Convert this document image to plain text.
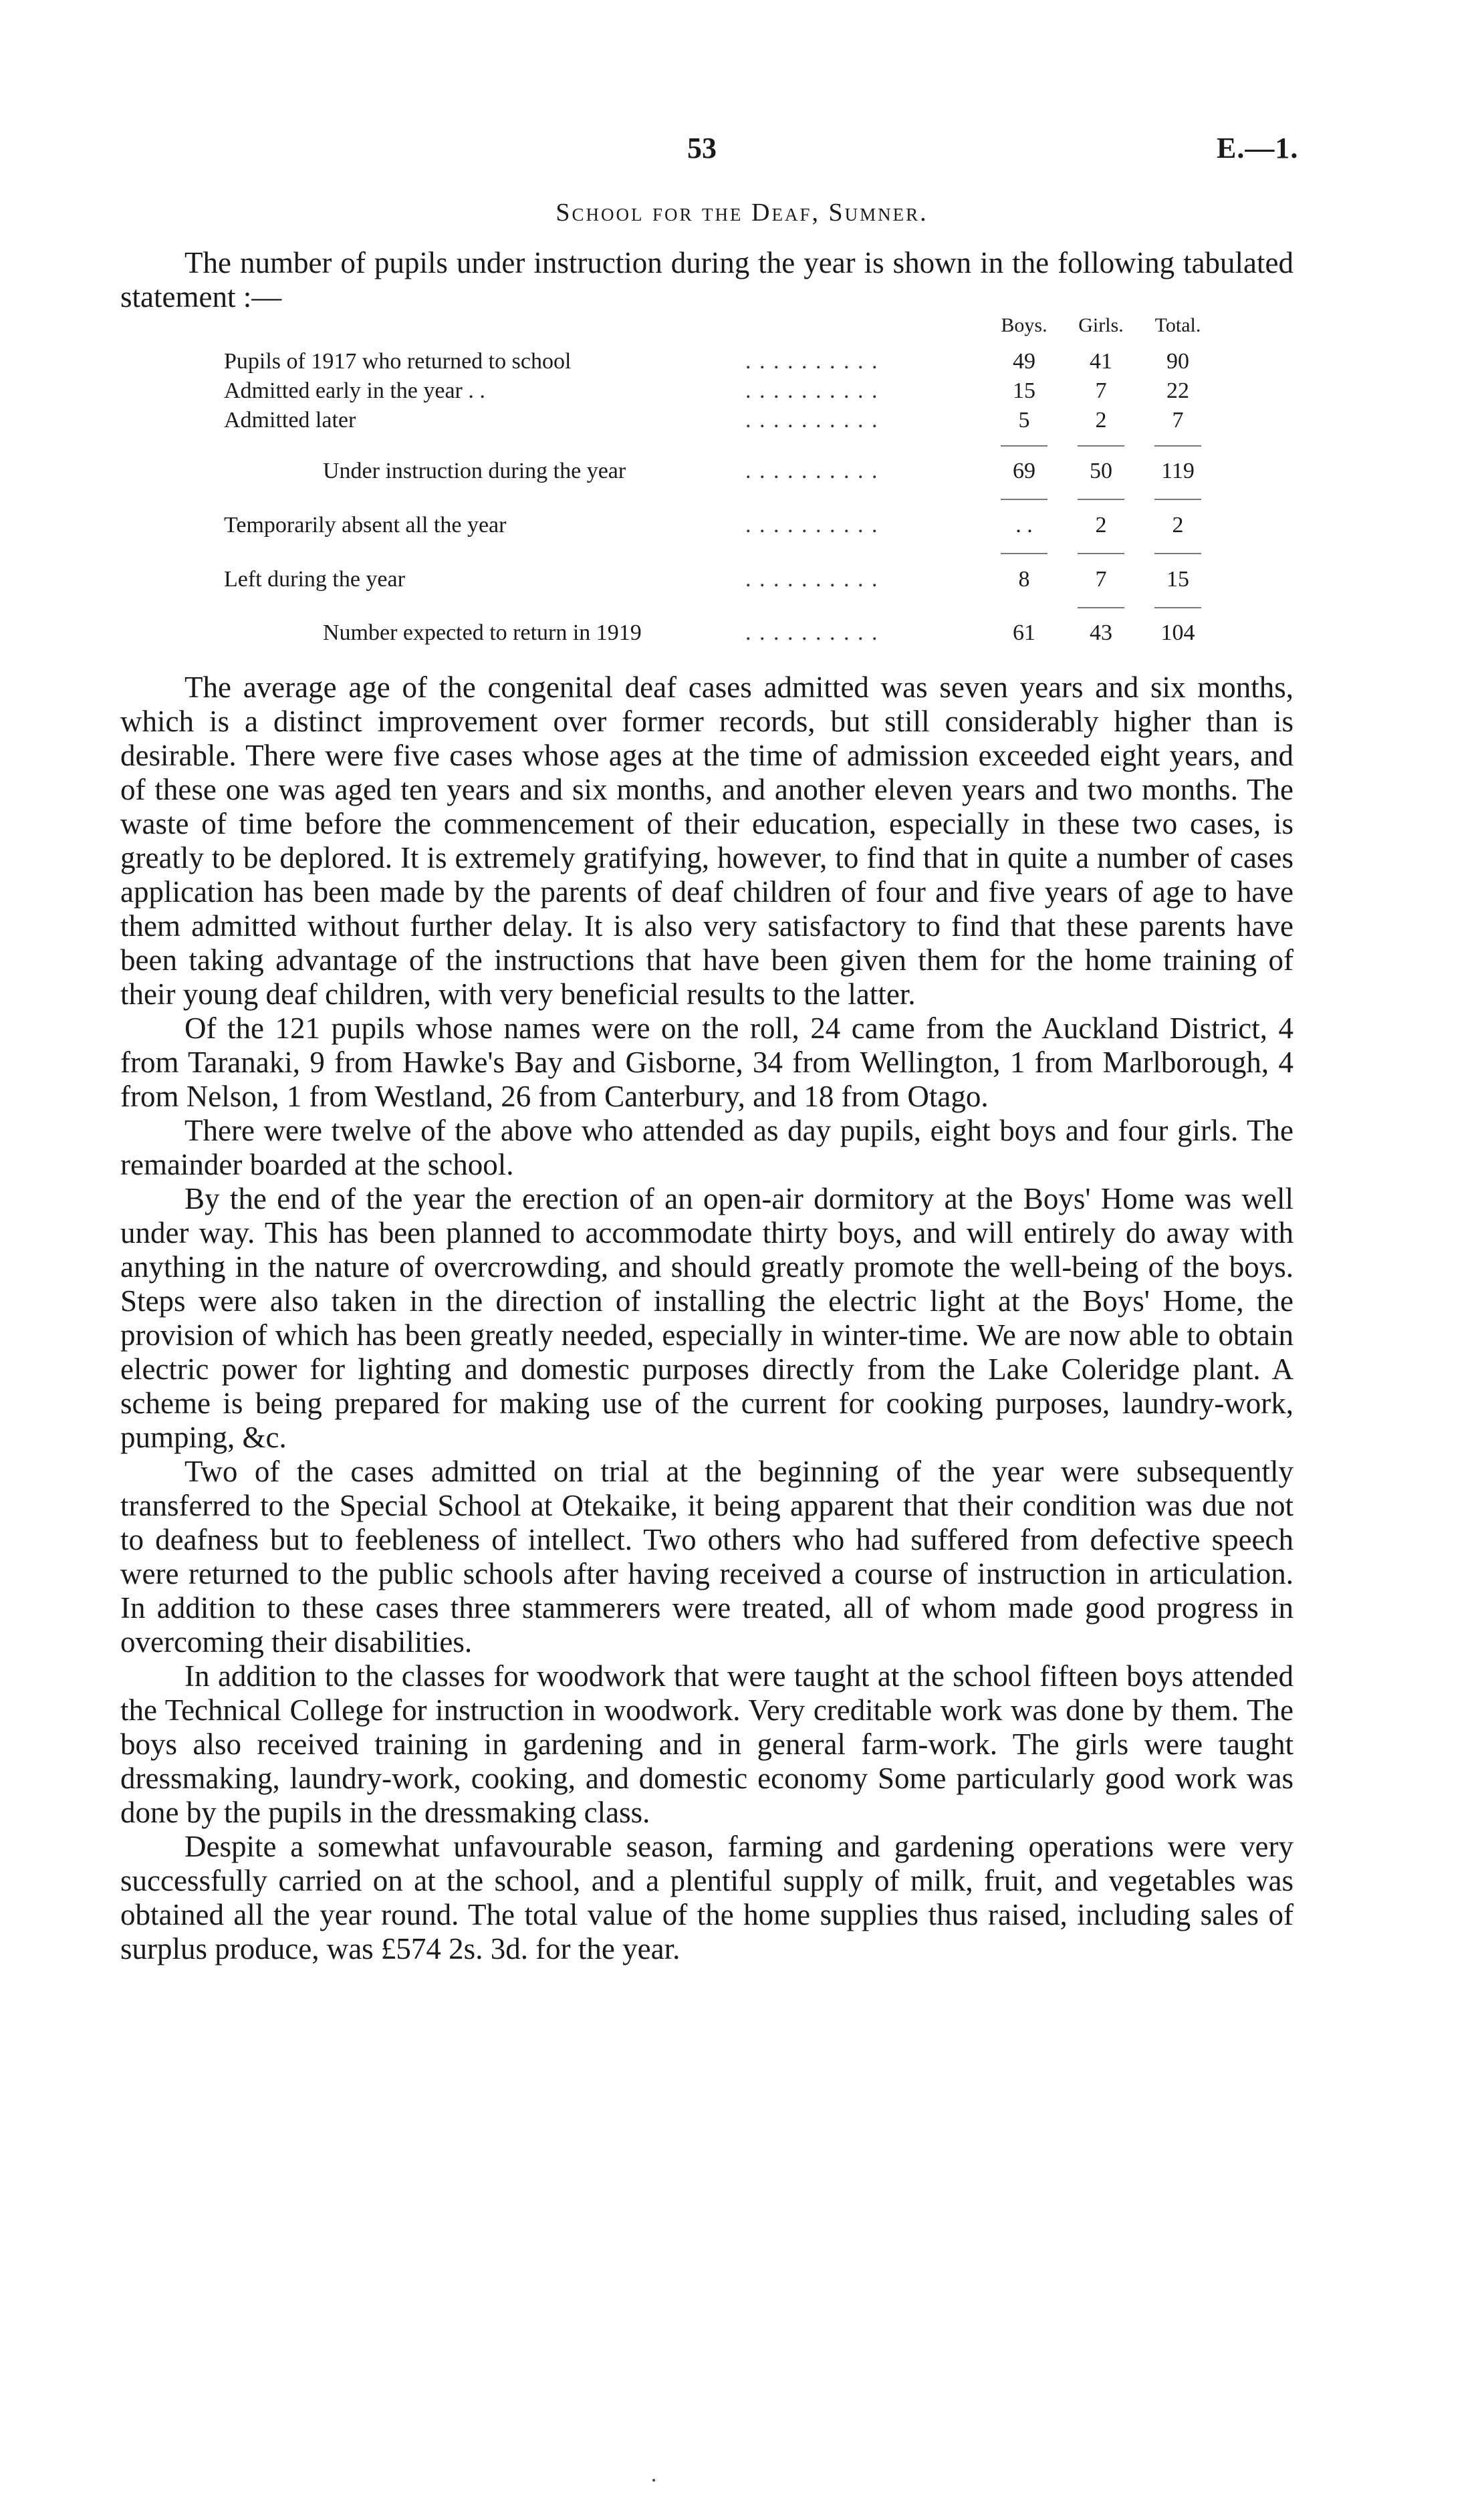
53	E.—1.
School for the Deaf, Sumner.

The number of pupils under instruction during the year is shown in the following tabulated statement :—

Boys.	Girls.	Total.
Pupils of 1917 who returned to school	. . . . . . . . . .	49	41	90
Admitted early in the year . .	. . . . . . . . . .	15	7	22
Admitted later	. . . . . . . . . .	5	2	7
Under instruction during the year	. . . . . . . . . .	69	50	119
Temporarily absent all the year	. . . . . . . . . .	. .	2	2
Left during the year	. . . . . . . . . .	8	7	15
Number expected to return in 1919	. . . . . . . . . .	61	43	104

The average age of the congenital deaf cases admitted was seven years and six months, which is a distinct improvement over former records, but still considerably higher than is desirable. There were five cases whose ages at the time of admission exceeded eight years, and of these one was aged ten years and six months, and another eleven years and two months. The waste of time before the commencement of their education, especially in these two cases, is greatly to be deplored. It is extremely gratifying, however, to find that in quite a number of cases application has been made by the parents of deaf children of four and five years of age to have them admitted without further delay. It is also very satisfactory to find that these parents have been taking advantage of the instructions that have been given them for the home training of their young deaf children, with very beneficial results to the latter.

Of the 121 pupils whose names were on the roll, 24 came from the Auckland District, 4 from Taranaki, 9 from Hawke's Bay and Gisborne, 34 from Wellington, 1 from Marlborough, 4 from Nelson, 1 from Westland, 26 from Canterbury, and 18 from Otago.

There were twelve of the above who attended as day pupils, eight boys and four girls. The remainder boarded at the school.

By the end of the year the erection of an open-air dormitory at the Boys' Home was well under way. This has been planned to accommodate thirty boys, and will entirely do away with anything in the nature of overcrowding, and should greatly promote the well-being of the boys. Steps were also taken in the direction of installing the electric light at the Boys' Home, the provision of which has been greatly needed, especially in winter-time. We are now able to obtain electric power for lighting and domestic purposes directly from the Lake Coleridge plant. A scheme is being prepared for making use of the current for cooking purposes, laundry-work, pumping, &c.

Two of the cases admitted on trial at the beginning of the year were subsequently transferred to the Special School at Otekaike, it being apparent that their condition was due not to deafness but to feebleness of intellect. Two others who had suffered from defective speech were returned to the public schools after having received a course of instruction in articulation. In addition to these cases three stammerers were treated, all of whom made good progress in overcoming their disabilities.

In addition to the classes for woodwork that were taught at the school fifteen boys attended the Technical College for instruction in woodwork. Very creditable work was done by them. The boys also received training in gardening and in general farm-work. The girls were taught dressmaking, laundry-work, cooking, and domestic economy Some particularly good work was done by the pupils in the dressmaking class.

Despite a somewhat unfavourable season, farming and gardening operations were very successfully carried on at the school, and a plentiful supply of milk, fruit, and vegetables was obtained all the year round. The total value of the home supplies thus raised, including sales of surplus produce, was £574 2s. 3d. for the year.
